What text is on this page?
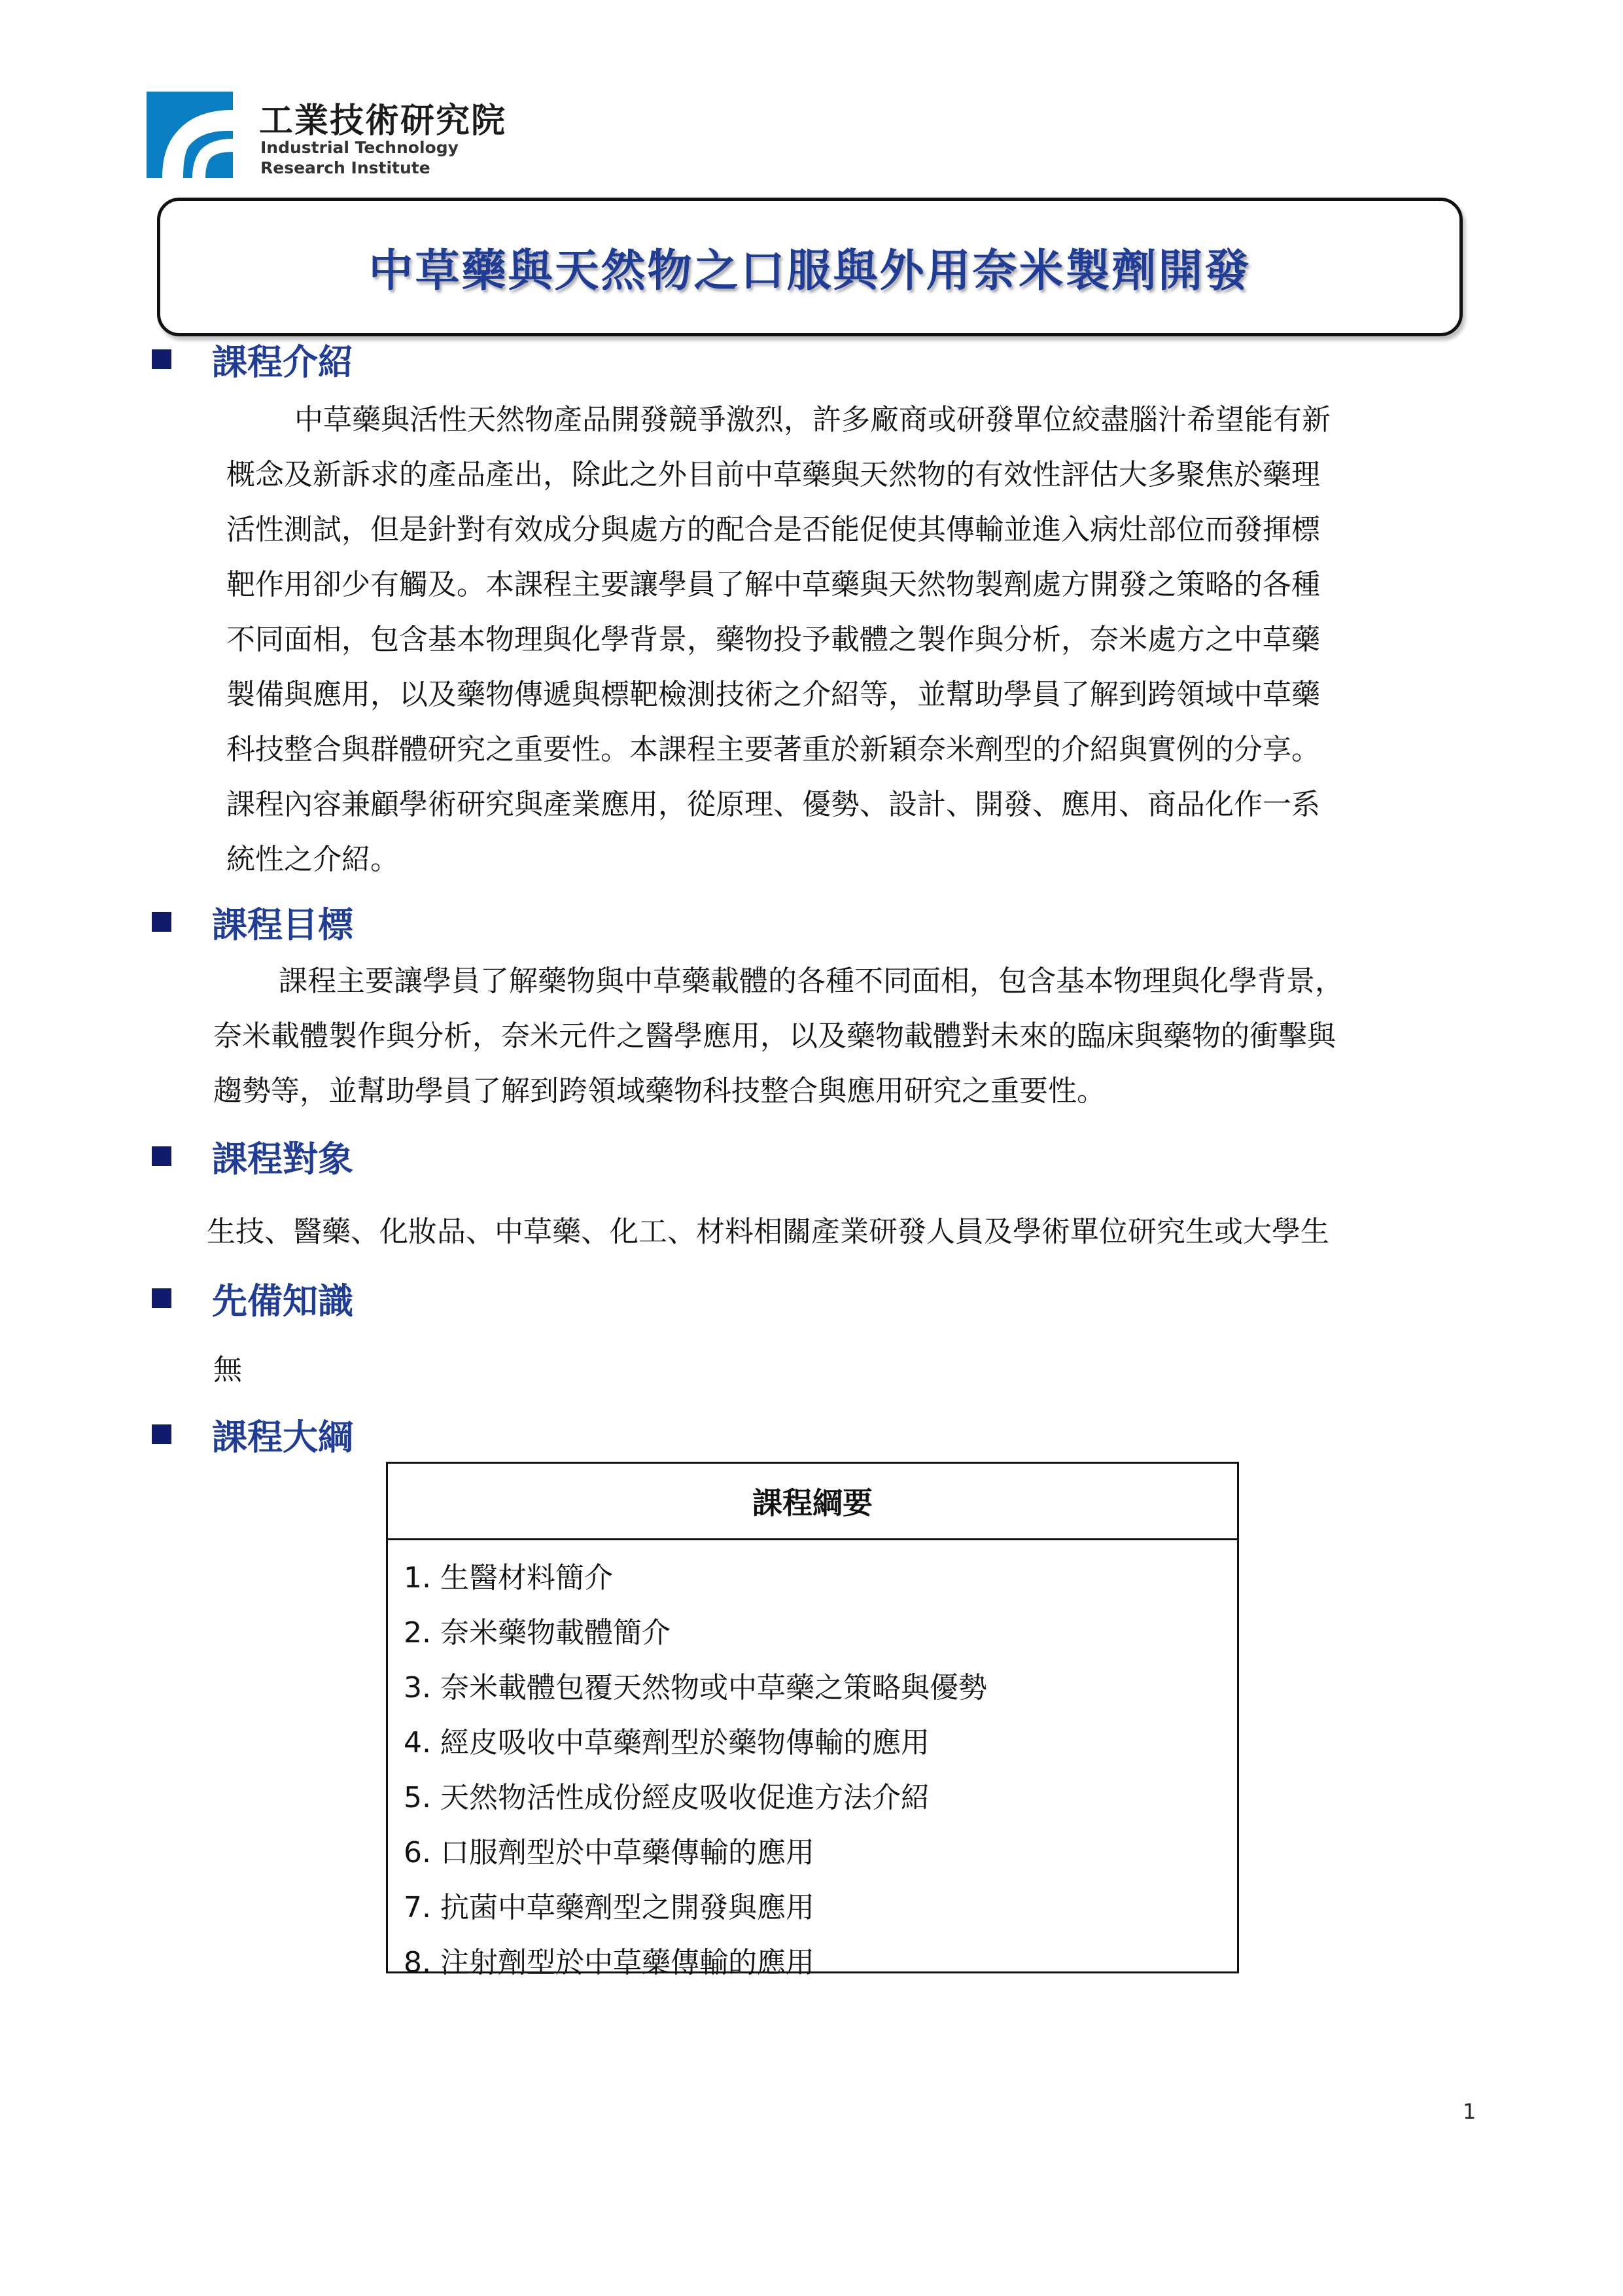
工業技術研究院
Industrial Technology
Research Institute
中草藥與天然物之口服與外用奈米製劑開發
課程介紹
中草藥與活性天然物產品開發競爭激烈，許多廠商或研發單位絞盡腦汁希望能有新
概念及新訴求的產品產出，除此之外目前中草藥與天然物的有效性評估大多聚焦於藥理
活性測試，但是針對有效成分與處方的配合是否能促使其傳輸並進入病灶部位而發揮標
靶作用卻少有觸及。本課程主要讓學員了解中草藥與天然物製劑處方開發之策略的各種
不同面相，包含基本物理與化學背景，藥物投予載體之製作與分析，奈米處方之中草藥
製備與應用，以及藥物傳遞與標靶檢測技術之介紹等，並幫助學員了解到跨領域中草藥
科技整合與群體研究之重要性。本課程主要著重於新穎奈米劑型的介紹與實例的分享。
課程內容兼顧學術研究與產業應用，從原理、優勢、設計、開發、應用、商品化作一系
統性之介紹。
課程目標
課程主要讓學員了解藥物與中草藥載體的各種不同面相，包含基本物理與化學背景，
奈米載體製作與分析，奈米元件之醫學應用，以及藥物載體對未來的臨床與藥物的衝擊與
趨勢等，並幫助學員了解到跨領域藥物科技整合與應用研究之重要性。
課程對象
生技、醫藥、化妝品、中草藥、化工、材料相關產業研發人員及學術單位研究生或大學生
先備知識
無
課程大綱
課程綱要
1. 生醫材料簡介
2. 奈米藥物載體簡介
3. 奈米載體包覆天然物或中草藥之策略與優勢
4. 經皮吸收中草藥劑型於藥物傳輸的應用
5. 天然物活性成份經皮吸收促進方法介紹
6. 口服劑型於中草藥傳輸的應用
7. 抗菌中草藥劑型之開發與應用
8. 注射劑型於中草藥傳輸的應用
1
